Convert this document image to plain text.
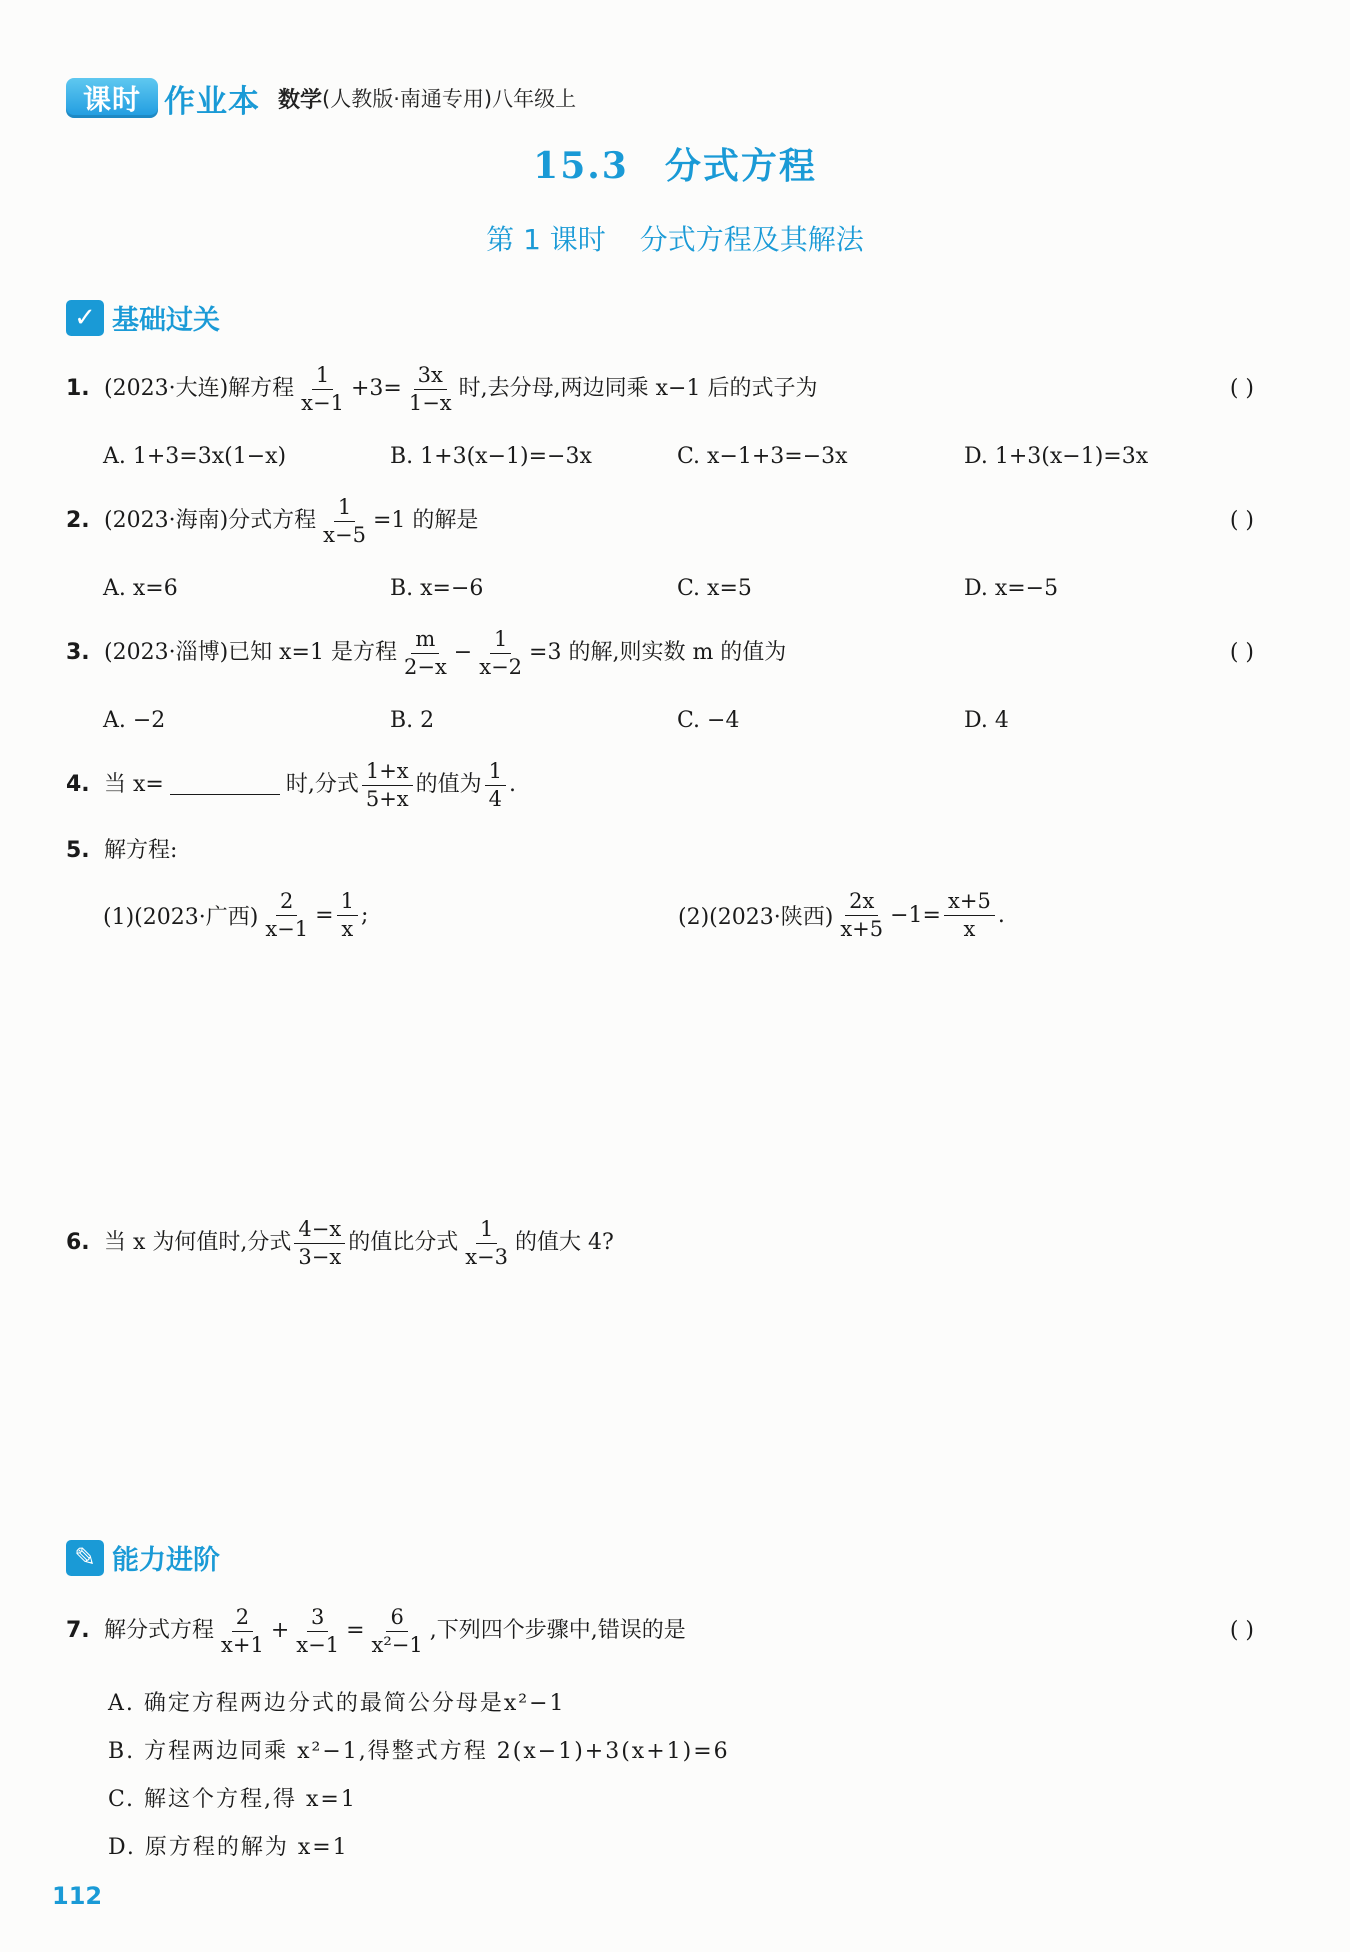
课时 作业本 数学 (人教版·南通专用)八年级上
15.3 分式方程
第 1 课时 分式方程及其解法
✓ 基础过关
1. (2023·大连)解方程 $\frac{1}{x-1} +3= \frac{3x}{1-x}$ 时,去分母,两边同乘 x−1 后的式子为	( )
A. 1+3=3x(1−x)	B. 1+3(x−1)=−3x	C. x−1+3=−3x	D. 1+3(x−1)=3x
2. (2023·海南)分式方程 $\frac{1}{x-5} =1$ 的解是	( )
A. x=6	B. x=−6	C. x=5	D. x=−5
3. (2023·淄博)已知 x=1 是方程 $\frac{m}{2-x} - \frac{1}{x-2} =3$ 的解,则实数 m 的值为	( )
A. −2	B. 2	C. −4	D. 4
4. 当 x=	时,分式 $\frac{1+x}{5+x}$ 的值为 $\frac{1}{4}$ .
5. 解方程:
(1)(2023·广西) $\frac{2}{x-1} = \frac{1}{x}$ ;	(2)(2023·陕西) $\frac{2x}{x+5} -1= \frac{x+5}{x}$ .
6. 当 x 为何值时,分式 $\frac{4-x}{3-x}$ 的值比分式 $\frac{1}{x-3}$ 的值大 4?
✎ 能力进阶
7. 解分式方程 $\frac{2}{x+1} + \frac{3}{x-1} = \frac{6}{\text{x²−1}}$ ,下列四个步骤中,错误的是	( )
A. 确定方程两边分式的最简公分母是x²−1
B. 方程两边同乘 x²−1,得整式方程 2(x−1)+3(x+1)=6
C. 解这个方程,得 x=1
D. 原方程的解为 x=1
112
